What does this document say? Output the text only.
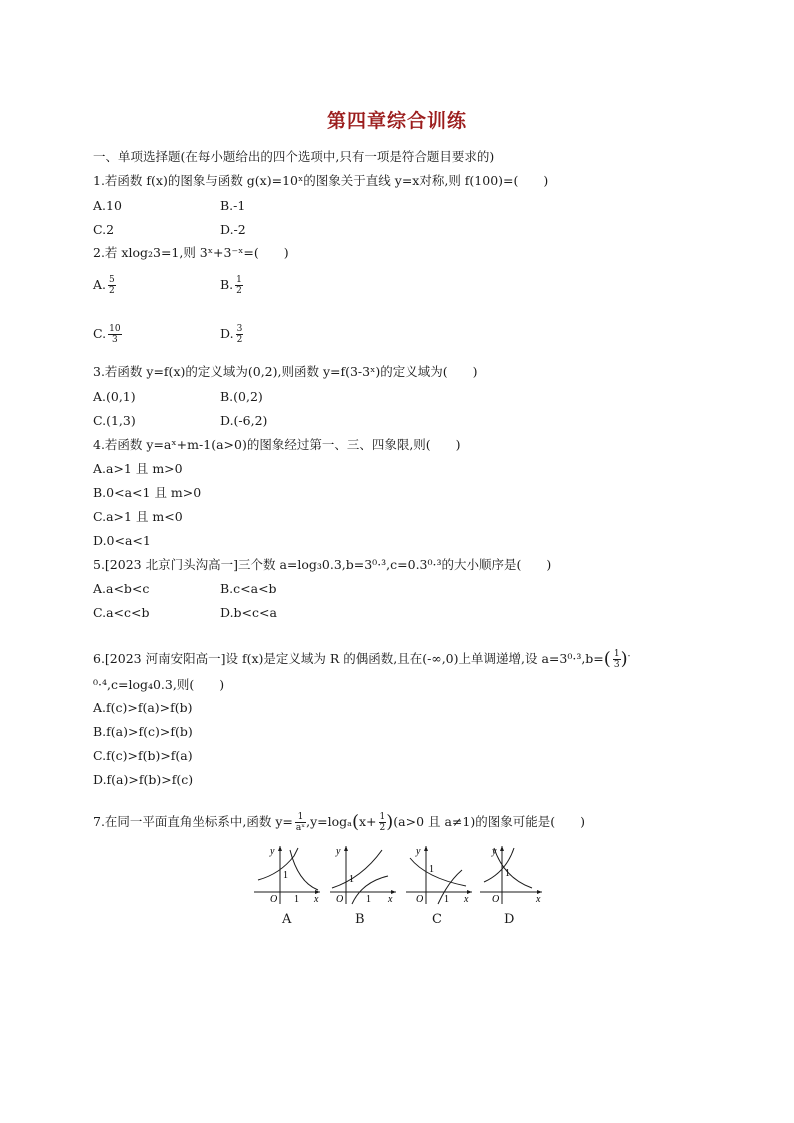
第四章综合训练
一、单项选择题(在每小题给出的四个选项中,只有一项是符合题目要求的)
1.若函数 f(x)的图象与函数 g(x)=10ˣ的图象关于直线 y=x对称,则 f(100)=(　　)
A.10	B.-1
C.2	D.-2
2.若 xlog₂3=1,则 3ˣ+3⁻ˣ=(　　)
A. $\frac{5}{2}$	B. $\frac{1}{2}$
C. $\frac{10}{3}$	D. $\frac{3}{2}$
3.若函数 y=f(x)的定义域为(0,2),则函数 y=f(3-3ˣ)的定义域为(　　)
A.(0,1)	B.(0,2)
C.(1,3)	D.(-6,2)
4.若函数 y=aˣ+m-1(a>0)的图象经过第一、三、四象限,则(　　)
A.a>1 且 m>0
B.0<a<1 且 m>0
C.a>1 且 m<0
D.0<a<1
5.[2023 北京门头沟高一]三个数 a=log₃0.3,b=3⁰·³,c=0.3⁰·³的大小顺序是(　　)
A.a<b<c	B.c<a<b
C.a<c<b	D.b<c<a
6.[2023 河南安阳高一]设 f(x)是定义域为 R 的偶函数,且在(-∞,0)上单调递增,设 $a=3^0\cdot^3,b=( \frac{1}{3} )^-$
⁰·⁴,c=log₄0.3,则(　　)
A.f(c)>f(a)>f(b)
B.f(a)>f(c)>f(b)
C.f(c)>f(b)>f(a)
D.f(a)>f(b)>f(c)
7.在同一平面直角坐标系中,函数 $y= \frac{1}{\text{aˣ}} ,y=\log_a(x+ \frac{1}{2} )(a>0$ 且 a≠1)的图象可能是(　　)
y
x
O
1
1
y
x
O
1
1
y
x
O
1
1
y
x
O
1
A	B	C	D
